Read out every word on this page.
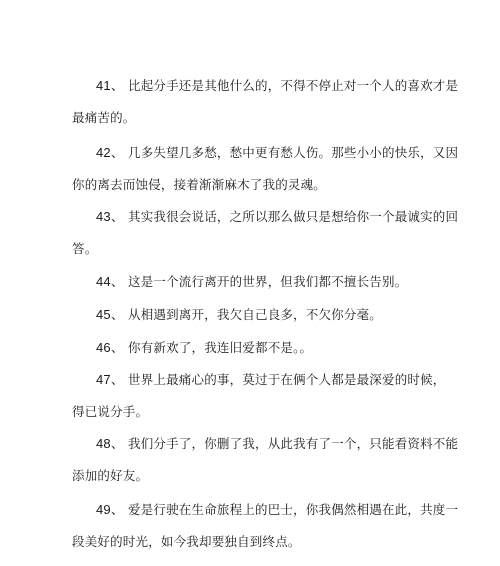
41、 比起分手还是其他什么的，不得不停止对一个人的喜欢才是
最痛苦的。
42、 几多失望几多愁，愁中更有愁人伤。那些小小的快乐，又因
你的离去而蚀侵，接着渐渐麻木了我的灵魂。
43、 其实我很会说话，之所以那么做只是想给你一个最诚实的回
答。
44、 这是一个流行离开的世界，但我们都不擅长告别。
45、 从相遇到离开，我欠自己良多，不欠你分毫。
46、 你有新欢了，我连旧爱都不是。。
47、 世界上最痛心的事，莫过于在俩个人都是最深爱的时候，
得已说分手。
48、 我们分手了，你删了我，从此我有了一个，只能看资料不能
添加的好友。
49、 爱是行驶在生命旅程上的巴士，你我偶然相遇在此，共度一
段美好的时光，如今我却要独自到终点。
